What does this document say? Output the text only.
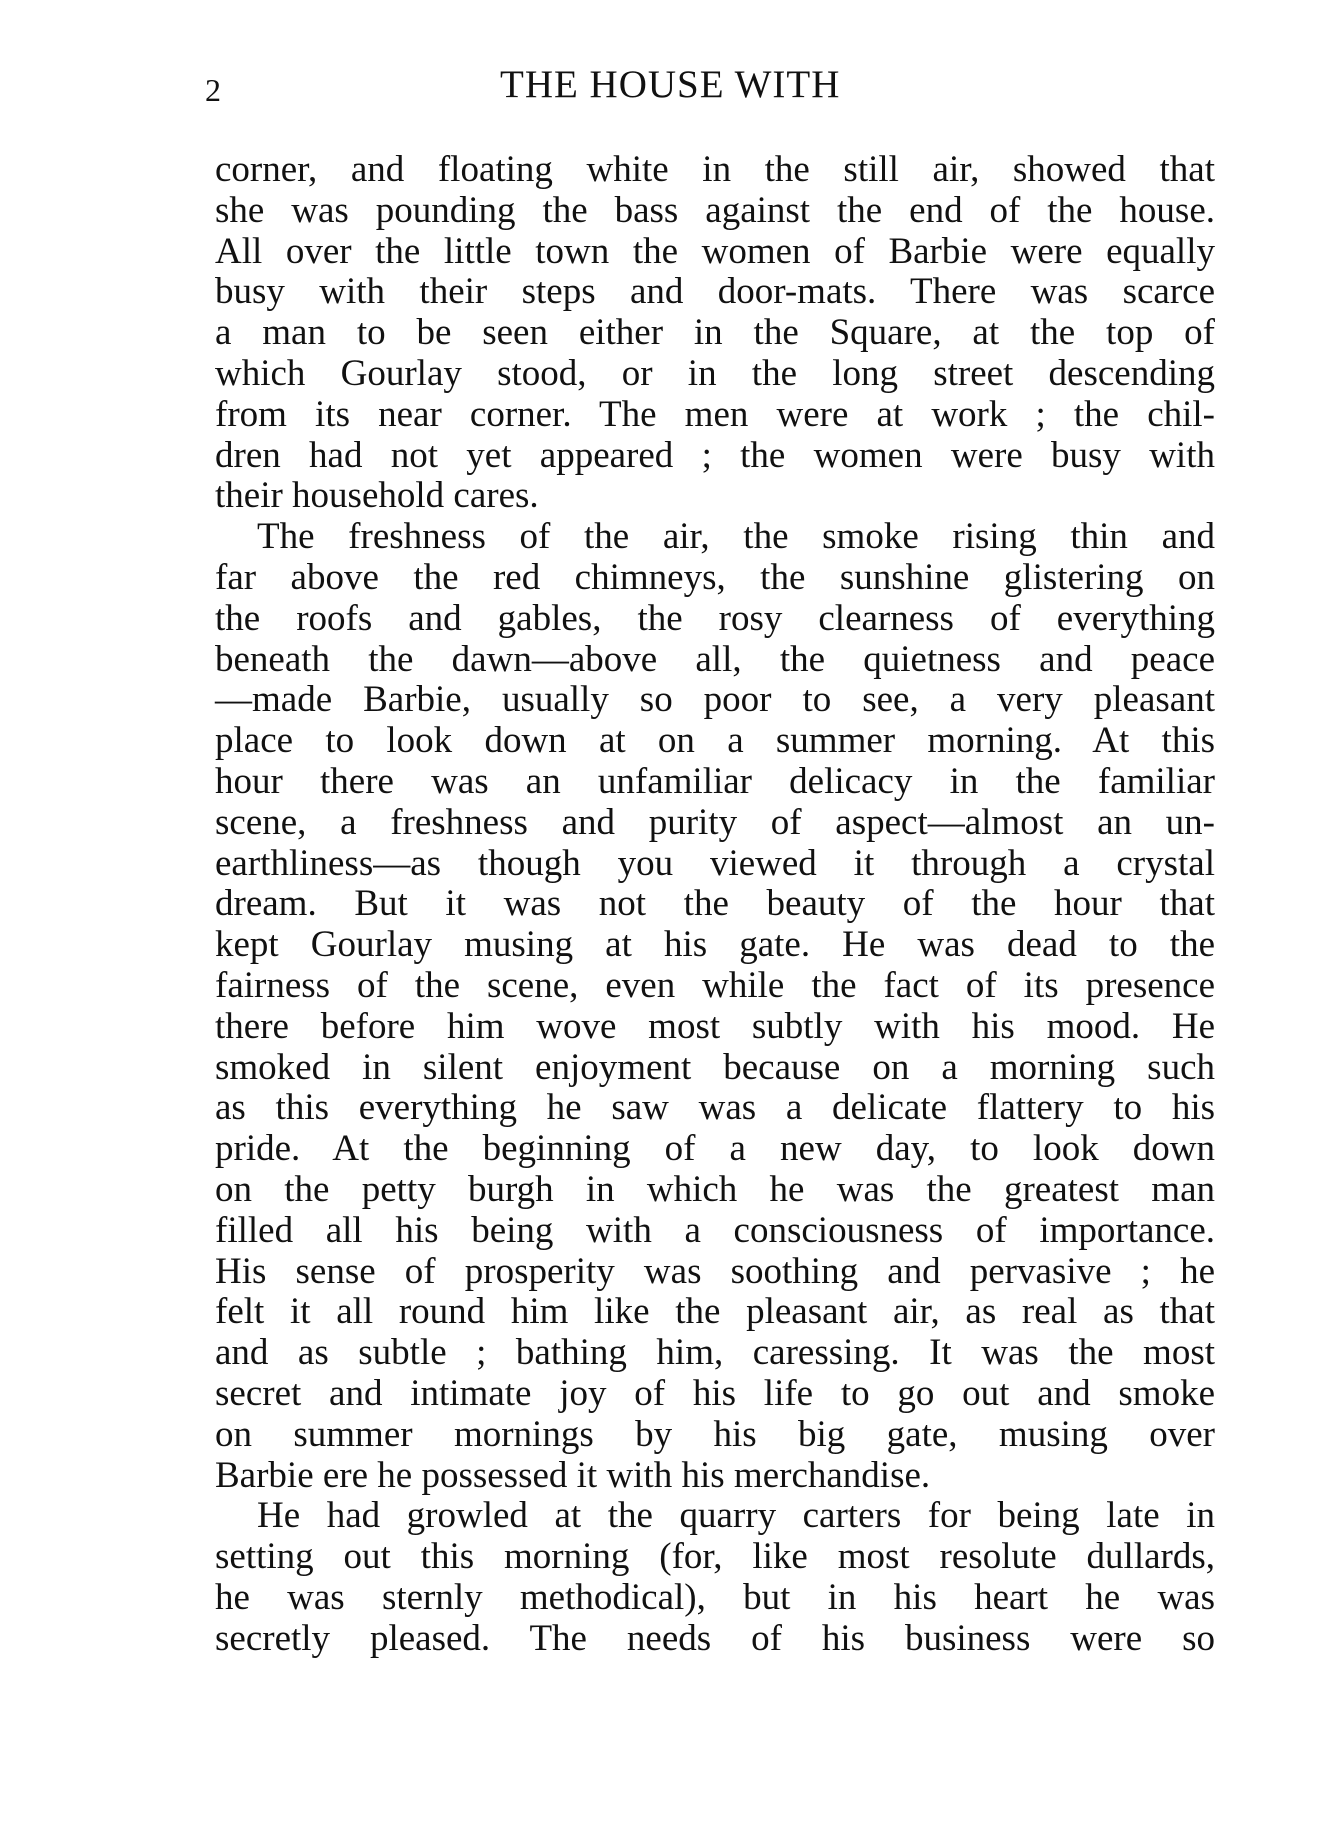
2	THE HOUSE WITH
corner, and floating white in the still air, showed that
she was pounding the bass against the end of the house.
All over the little town the women of Barbie were equally
busy with their steps and door-mats. There was scarce
a man to be seen either in the Square, at the top of
which Gourlay stood, or in the long street descending
from its near corner. The men were at work ; the chil-
dren had not yet appeared ; the women were busy with
their household cares.
The freshness of the air, the smoke rising thin and
far above the red chimneys, the sunshine glistering on
the roofs and gables, the rosy clearness of everything
beneath the dawn—above all, the quietness and peace
—made Barbie, usually so poor to see, a very pleasant
place to look down at on a summer morning. At this
hour there was an unfamiliar delicacy in the familiar
scene, a freshness and purity of aspect—almost an un-
earthliness—as though you viewed it through a crystal
dream. But it was not the beauty of the hour that
kept Gourlay musing at his gate. He was dead to the
fairness of the scene, even while the fact of its presence
there before him wove most subtly with his mood. He
smoked in silent enjoyment because on a morning such
as this everything he saw was a delicate flattery to his
pride. At the beginning of a new day, to look down
on the petty burgh in which he was the greatest man
filled all his being with a consciousness of importance.
His sense of prosperity was soothing and pervasive ; he
felt it all round him like the pleasant air, as real as that
and as subtle ; bathing him, caressing. It was the most
secret and intimate joy of his life to go out and smoke
on summer mornings by his big gate, musing over
Barbie ere he possessed it with his merchandise.
He had growled at the quarry carters for being late in
setting out this morning (for, like most resolute dullards,
he was sternly methodical), but in his heart he was
secretly pleased. The needs of his business were so
